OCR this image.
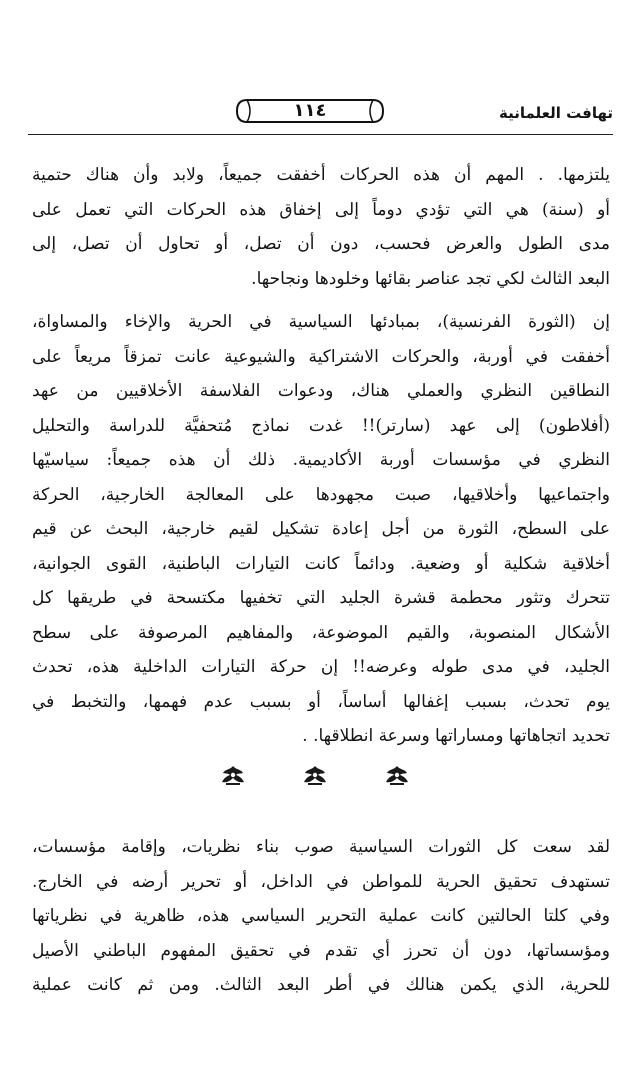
تهافت العلمانية
١١٤

يلتزمها. . المهم أن هذه الحركات أخفقت جميعاً، ولابد وأن هناك حتمية
أو (سنة) هي التي تؤدي دوماً إلى إخفاق هذه الحركات التي تعمل على
مدى الطول والعرض فحسب، دون أن تصل، أو تحاول أن تصل، إلى
البعد الثالث لكي تجد عناصر بقائها وخلودها ونجاحها.

إن (الثورة الفرنسية)، بمبادئها السياسية في الحرية والإخاء والمساواة،
أخفقت في أوربة، والحركات الاشتراكية والشيوعية عانت تمزقاً مريعاً على
النطاقين النظري والعملي هناك، ودعوات الفلاسفة الأخلاقيين من عهد
(أفلاطون) إلى عهد (سارتر)!! غدت نماذج مُتحفيَّة للدراسة والتحليل
النظري في مؤسسات أوربة الأكاديمية. ذلك أن هذه جميعاً: سياسيّها
واجتماعيها وأخلاقيها، صبت مجهودها على المعالجة الخارجية، الحركة
على السطح، الثورة من أجل إعادة تشكيل لقيم خارجية، البحث عن قيم
أخلاقية شكلية أو وضعية. ودائماً كانت التيارات الباطنية، القوى الجوانية،
تتحرك وتثور محطمة قشرة الجليد التي تخفيها مكتسحة في طريقها كل
الأشكال المنصوبة، والقيم الموضوعة، والمفاهيم المرصوفة على سطح
الجليد، في مدى طوله وعرضه!! إن حركة التيارات الداخلية هذه، تحدث
يوم تحدث، بسبب إغفالها أساساً، أو بسبب عدم فهمها، والتخبط في
تحديد اتجاهاتها ومساراتها وسرعة انطلاقها. .

لقد سعت كل الثورات السياسية صوب بناء نظريات، وإقامة مؤسسات،
تستهدف تحقيق الحرية للمواطن في الداخل، أو تحرير أرضه في الخارج.
وفي كلتا الحالتين كانت عملية التحرير السياسي هذه، ظاهرية في نظرياتها
ومؤسساتها، دون أن تحرز أي تقدم في تحقيق المفهوم الباطني الأصيل
للحرية، الذي يكمن هنالك في أطر البعد الثالث. ومن ثم كانت عملية
